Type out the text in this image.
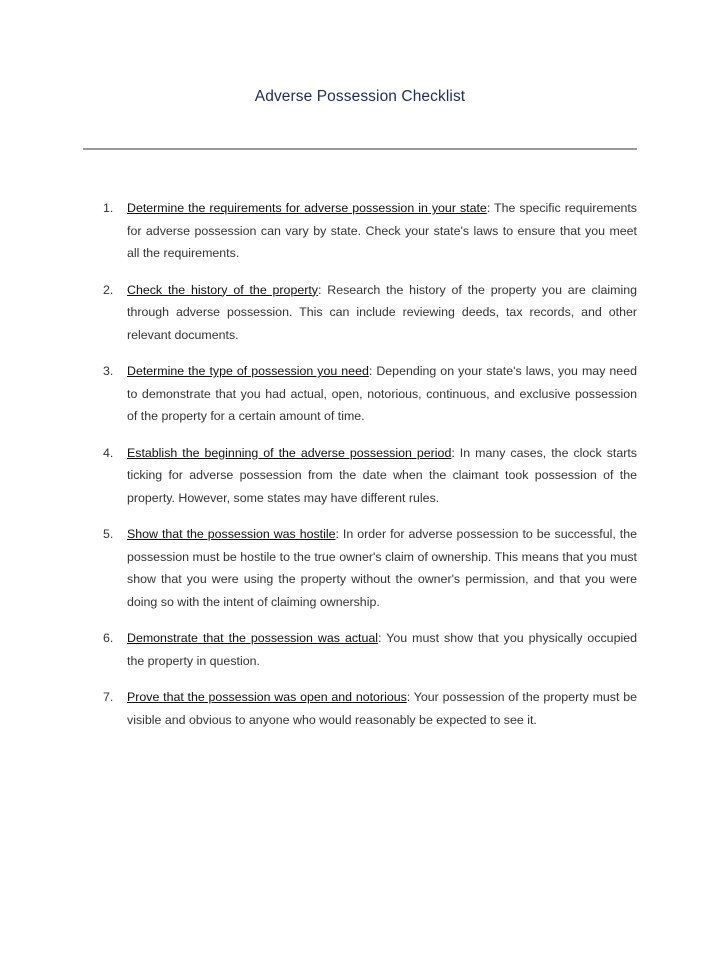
Adverse Possession Checklist
1.	Determine the requirements for adverse possession in your state: The specific requirements for adverse possession can vary by state. Check your state's laws to ensure that you meet all the requirements.
2.	Check the history of the property: Research the history of the property you are claiming through adverse possession. This can include reviewing deeds, tax records, and other relevant documents.
3.	Determine the type of possession you need: Depending on your state's laws, you may need to demonstrate that you had actual, open, notorious, continuous, and exclusive possession of the property for a certain amount of time.
4.	Establish the beginning of the adverse possession period: In many cases, the clock starts ticking for adverse possession from the date when the claimant took possession of the property. However, some states may have different rules.
5.	Show that the possession was hostile: In order for adverse possession to be successful, the possession must be hostile to the true owner's claim of ownership. This means that you must show that you were using the property without the owner's permission, and that you were doing so with the intent of claiming ownership.
6.	Demonstrate that the possession was actual: You must show that you physically occupied the property in question.
7.	Prove that the possession was open and notorious: Your possession of the property must be visible and obvious to anyone who would reasonably be expected to see it.
